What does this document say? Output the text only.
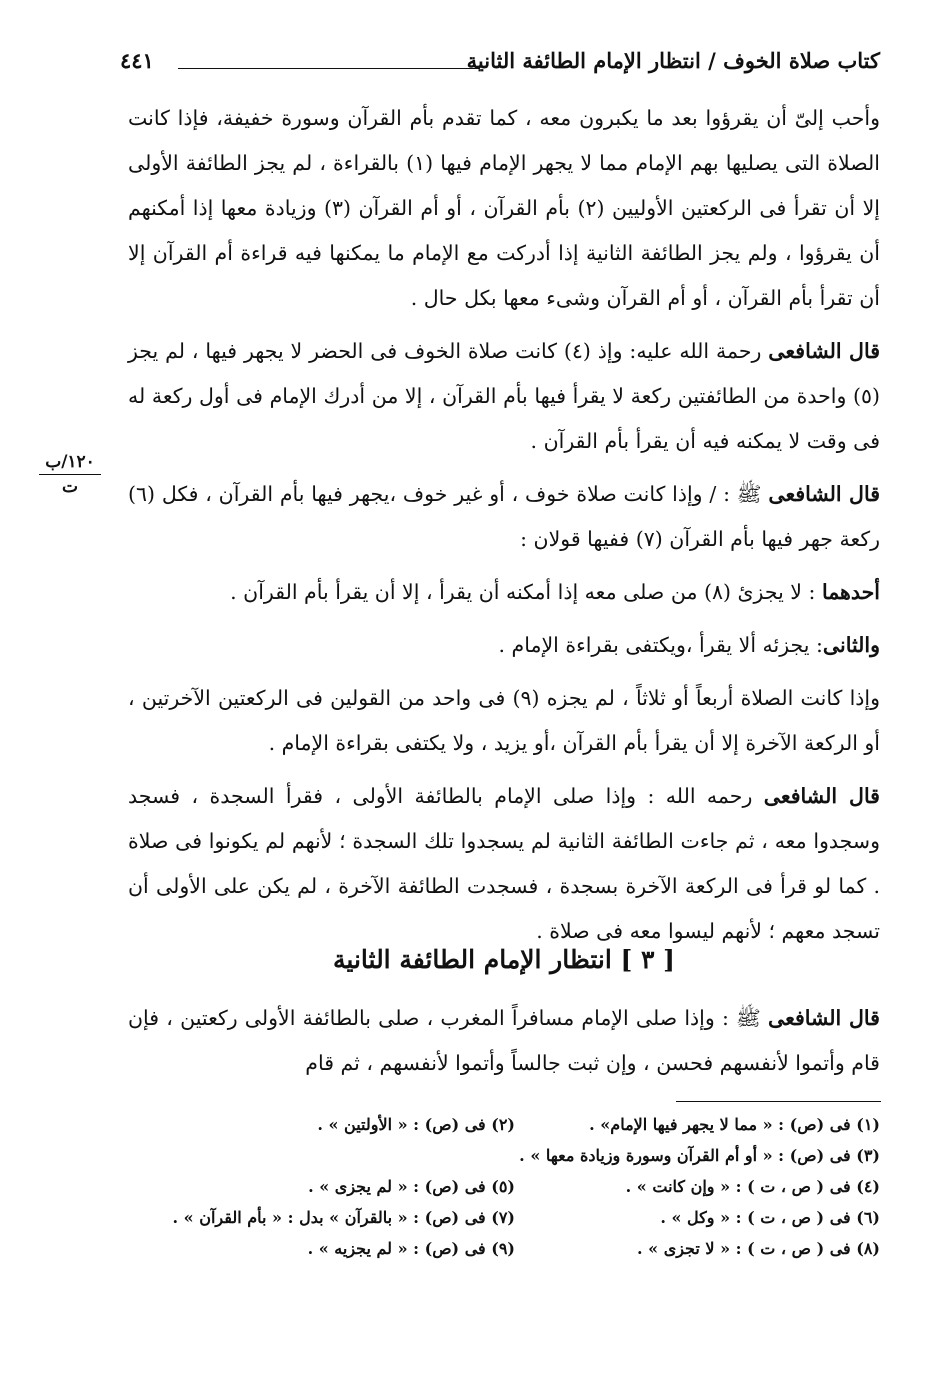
كتاب صلاة الخوف / انتظار الإمام الطائفة الثانية
٤٤١
١٢٠/ب
ت

وأحب إلىّ أن يقرؤوا بعد ما يكبرون معه ، كما تقدم بأم القرآن وسورة خفيفة، فإذا كانت الصلاة التى يصليها بهم الإمام مما لا يجهر الإمام فيها (١) بالقراءة ، لم يجز الطائفة الأولى إلا أن تقرأ فى الركعتين الأوليين (٢) بأم القرآن ، أو أم القرآن (٣) وزيادة معها إذا أمكنهم أن يقرؤوا ، ولم يجز الطائفة الثانية إذا أدركت مع الإمام ما يمكنها فيه قراءة أم القرآن إلا أن تقرأ بأم القرآن ، أو أم القرآن وشىء معها بكل حال .

قال الشافعى رحمة الله عليه: وإذ (٤) كانت صلاة الخوف فى الحضر لا يجهر فيها ، لم يجز (٥) واحدة من الطائفتين ركعة لا يقرأ فيها بأم القرآن ، إلا من أدرك الإمام فى أول ركعة له فى وقت لا يمكنه فيه أن يقرأ بأم القرآن .

قال الشافعى ﷺ : / وإذا كانت صلاة خوف ، أو غير خوف ،يجهر فيها بأم القرآن ، فكل (٦) ركعة جهر فيها بأم القرآن (٧) ففيها قولان :

أحدهما : لا يجزئ (٨) من صلى معه إذا أمكنه أن يقرأ ، إلا أن يقرأ بأم القرآن .

والثانى: يجزئه ألا يقرأ ،ويكتفى بقراءة الإمام .

وإذا كانت الصلاة أربعاً أو ثلاثاً ، لم يجزه (٩) فى واحد من القولين فى الركعتين الآخرتين ، أو الركعة الآخرة إلا أن يقرأ بأم القرآن ،أو يزيد ، ولا يكتفى بقراءة الإمام .

قال الشافعى رحمه الله : وإذا صلى الإمام بالطائفة الأولى ، فقرأ السجدة ، فسجد وسجدوا معه ، ثم جاءت الطائفة الثانية لم يسجدوا تلك السجدة ؛ لأنهم لم يكونوا فى صلاة . كما لو قرأ فى الركعة الآخرة بسجدة ، فسجدت الطائفة الآخرة ، لم يكن على الأولى أن تسجد معهم ؛ لأنهم ليسوا معه فى صلاة .

[ ٣ ] انتظار الإمام الطائفة الثانية

قال الشافعى ﷺ : وإذا صلى الإمام مسافراً المغرب ، صلى بالطائفة الأولى ركعتين ، فإن قام وأتموا لأنفسهم فحسن ، وإن ثبت جالساً وأتموا لأنفسهم ، ثم قام

(١) فى (ص) : « مما لا يجهر فيها الإمام» .
(٢) فى (ص) : « الأولتين » .
(٣) فى (ص) : « أو أم القرآن وسورة وزيادة معها » .
(٤) فى ( ص ، ت ) : « وإن كانت » .
(٥) فى (ص) : « لم يجزى » .
(٦) فى ( ص ، ت ) : « وكل » .
(٧) فى (ص) : « بالقرآن » بدل : « بأم القرآن » .
(٨) فى ( ص ، ت ) : « لا تجزى » .
(٩) فى (ص) : « لم يجزيه » .
